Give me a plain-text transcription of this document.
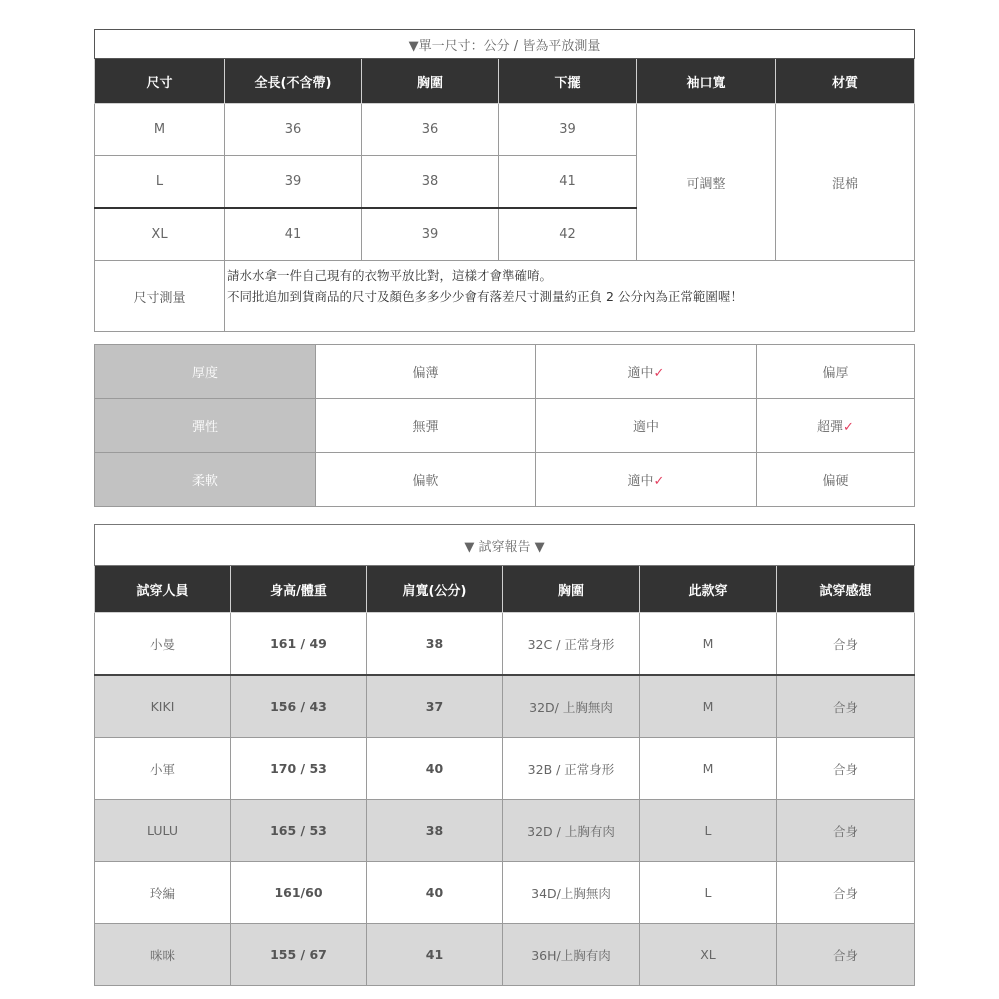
▼單一尺寸：公分 / 皆為平放測量					
尺寸	全長(不含帶)	胸圍	下擺	袖口寬	材質
M	36	36	39	可調整	混棉
L	39	38	41		
XL	41	39	42		
尺寸測量	請水水拿一件自己現有的衣物平放比對，這樣才會準確唷。
不同批追加到貨商品的尺寸及顏色多多少少會有落差尺寸測量約正負 2 公分內為正常範圍喔！				
厚度	偏薄	適中✓	偏厚
彈性	無彈	適中	超彈✓
柔軟	偏軟	適中✓	偏硬
▼ 試穿報告 ▼					
試穿人員	身高/體重	肩寬(公分)	胸圍	此款穿	試穿感想
小曼	161 / 49	38	32C / 正常身形	M	合身
KIKI	156 / 43	37	32D/ 上胸無肉	M	合身
小軍	170 / 53	40	32B / 正常身形	M	合身
LULU	165 / 53	38	32D / 上胸有肉	L	合身
玲編	161/60	40	34D/上胸無肉	L	合身
咪咪	155 / 67	41	36H/上胸有肉	XL	合身
